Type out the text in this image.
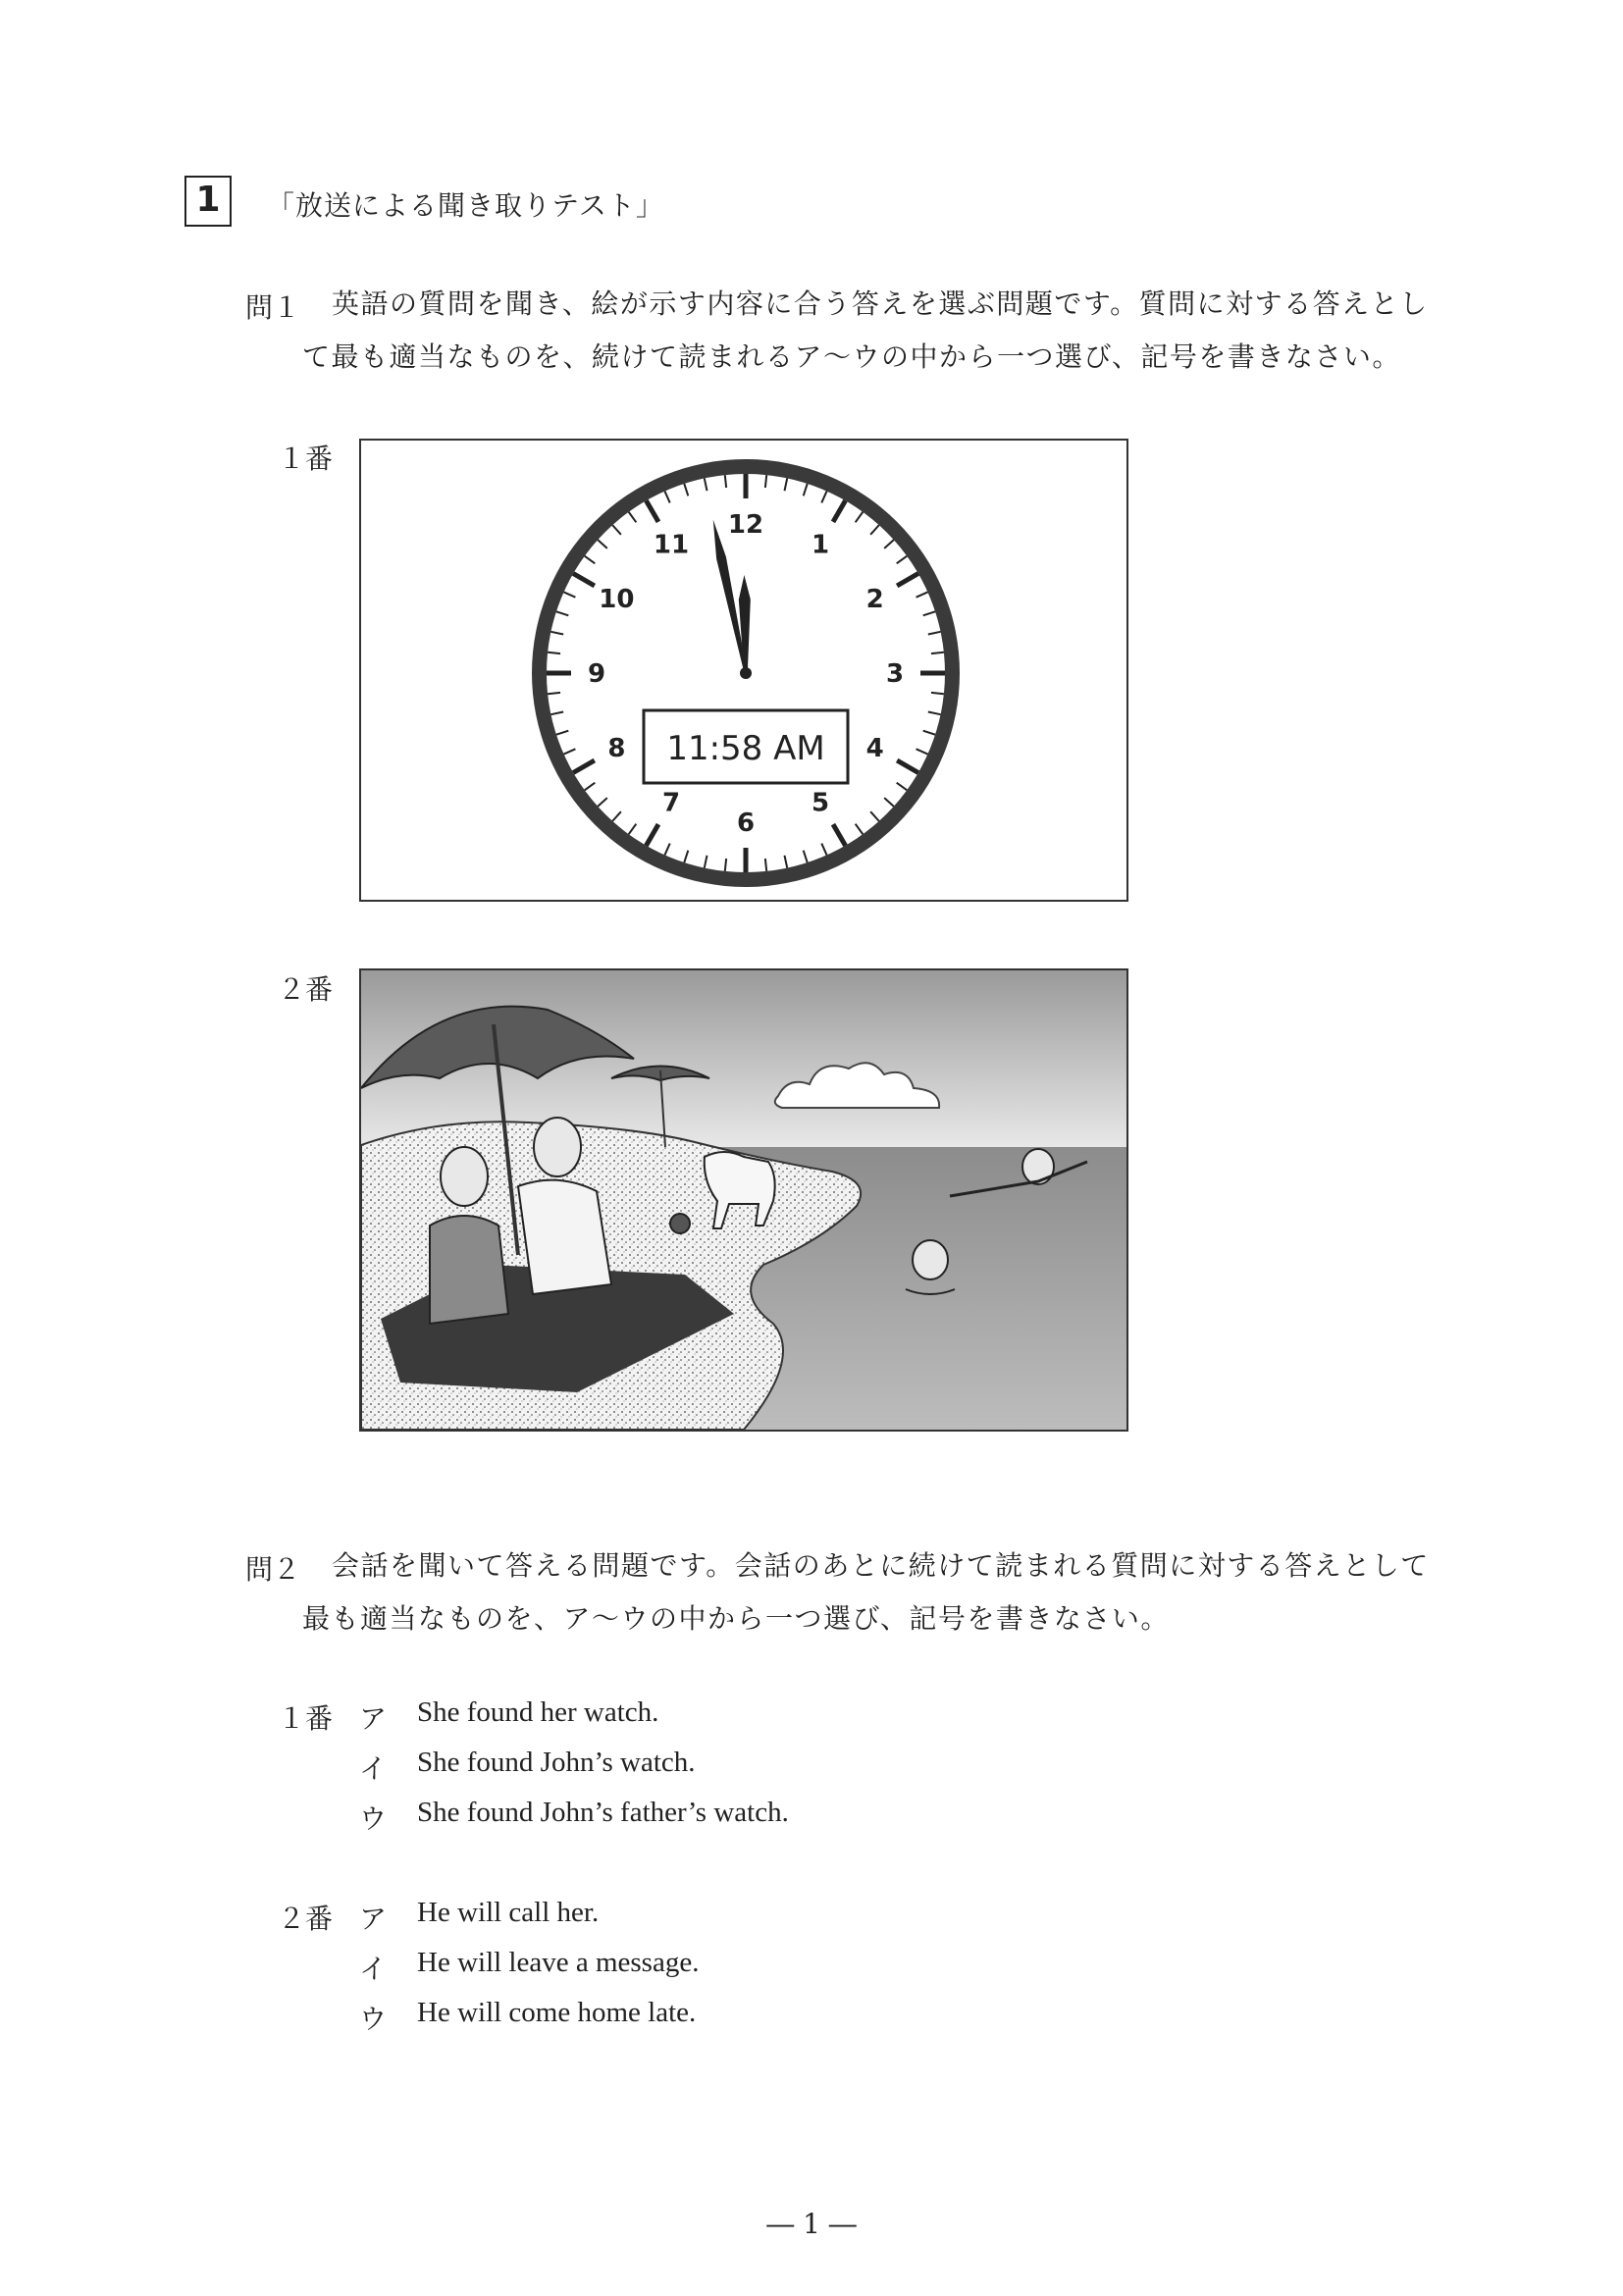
1	「放送による聞き取りテスト」
問１ 英語の質問を聞き、絵が示す内容に合う答えを選ぶ問題です。質問に対する答えとし
て最も適当なものを、続けて読まれるア～ウの中から一つ選び、記号を書きなさい。
１番
12
1
2
3
4
5
6
7
8
9
10
11
11:58 AM
２番
問２ 会話を聞いて答える問題です。会話のあとに続けて読まれる質問に対する答えとして
最も適当なものを、ア～ウの中から一つ選び、記号を書きなさい。
１番 ア She found her watch.
イ She found John’s watch.
ウ She found John’s father’s watch.
２番 ア He will call her.
イ He will leave a message.
ウ He will come home late.
― 1 ―
